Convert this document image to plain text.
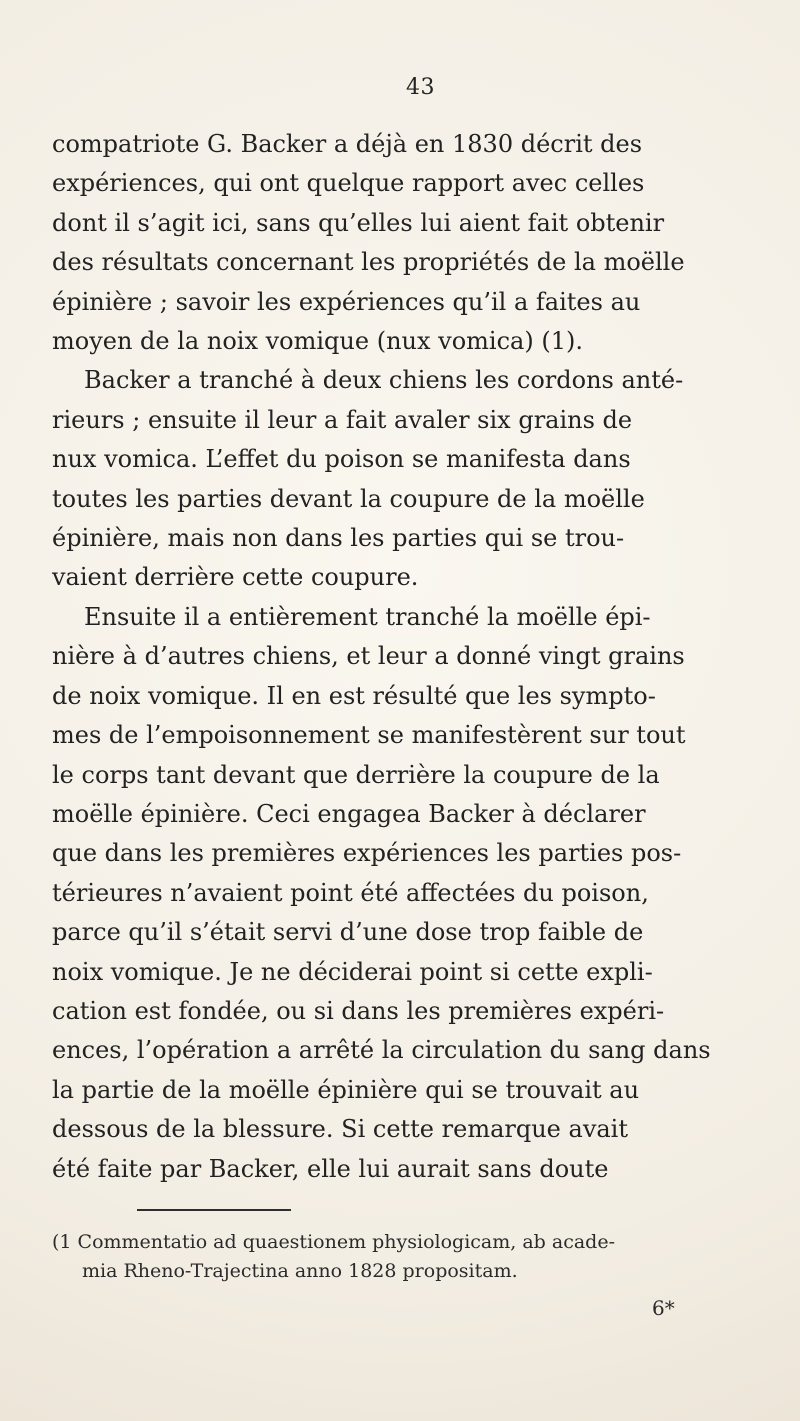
43
compatriote G. Backer a déjà en 1830 décrit des
expériences, qui ont quelque rapport avec celles
dont il s’agit ici, sans qu’elles lui aient fait obtenir
des résultats concernant les propriétés de la moëlle
épinière ; savoir les expériences qu’il a faites au
moyen de la noix vomique (nux vomica) (1).
Backer a tranché à deux chiens les cordons anté-
rieurs ; ensuite il leur a fait avaler six grains de
nux vomica. L’effet du poison se manifesta dans
toutes les parties devant la coupure de la moëlle
épinière, mais non dans les parties qui se trou-
vaient derrière cette coupure.
Ensuite il a entièrement tranché la moëlle épi-
nière à d’autres chiens, et leur a donné vingt grains
de noix vomique. Il en est résulté que les sympto-
mes de l’empoisonnement se manifestèrent sur tout
le corps tant devant que derrière la coupure de la
moëlle épinière. Ceci engagea Backer à déclarer
que dans les premières expériences les parties pos-
térieures n’avaient point été affectées du poison,
parce qu’il s’était servi d’une dose trop faible de
noix vomique. Je ne déciderai point si cette expli-
cation est fondée, ou si dans les premières expéri-
ences, l’opération a arrêté la circulation du sang dans
la partie de la moëlle épinière qui se trouvait au
dessous de la blessure. Si cette remarque avait
été faite par Backer, elle lui aurait sans doute
(1 Commentatio ad quaestionem physiologicam, ab acade-
mia Rheno-Trajectina anno 1828 propositam.
6*
